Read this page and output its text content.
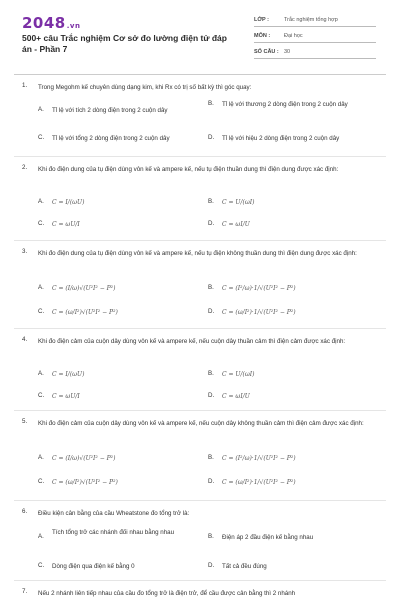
2048.vn
500+ câu Trắc nghiệm Cơ sở đo lường điện tử đáp án - Phần 7
LỚP :	Trắc nghiệm tổng hợp
MÔN :	Đại học
SỐ CÂU : 30
1. Trong Megohm kế chuyên dùng dạng kim, khi Rx có trị số bất kỳ thì góc quay:
A. Tỉ lệ với tích 2 dòng điện trong 2 cuộn dây
B. Tỉ lệ với thương 2 dòng điện trong 2 cuộn dây
C. Tỉ lệ với tổng 2 dòng điện trong 2 cuộn dây	D. Tỉ lệ với hiệu 2 dòng điện trong 2 cuộn dây
2. Khi đo điện dung của tụ điện dùng vôn kế và ampere kế, nếu tụ điện thuần dung thì điện dung được xác định:
A. C = I/(ωU)	B. C = U/(ωI)
C. C = ωU/I	D. C = ωI/U
3. Khi đo điện dung của tụ điện dùng vôn kế và ampere kế, nếu tụ điện không thuần dung thì điện dung được xác định:
A. C = (I/ω)√(U²I² − P²)	B. C = (I²/ω)·1/√(U²I² − P²)
C. C = (ω/I²)√(U²I² − P²)	D. C = (ω/I²)·1/√(U²I² − P²)
4. Khi đo điện cảm của cuộn dây dùng vôn kế và ampere kế, nếu cuộn dây thuần cảm thì điện cảm được xác định:
A. C = I/(ωU)	B. C = U/(ωI)
C. C = ωU/I	D. C = ωI/U
5. Khi đo điện cảm của cuộn dây dùng vôn kế và ampere kế, nếu cuộn dây không thuần cảm thì điện cảm được xác định:
A. C = (I/ω)√(U²I² − P²)	B. C = (I²/ω)·1/√(U²I² − P²)
C. C = (ω/I²)√(U²I² − P²)	D. C = (ω/I²)·1/√(U²I² − P²)
6. Điều kiện cân bằng của cầu Wheatstone đo tổng trở là:
A.
Tích tổng trở các nhánh đối nhau bằng nhau
B. Điện áp 2 đầu điện kế bằng nhau
C. Dòng điện qua điện kế bằng 0	D. Tất cả đều đúng
7. Nếu 2 nhánh liên tiếp nhau của cầu đo tổng trở là điện trở, để cầu được cân bằng thì 2 nhánh
